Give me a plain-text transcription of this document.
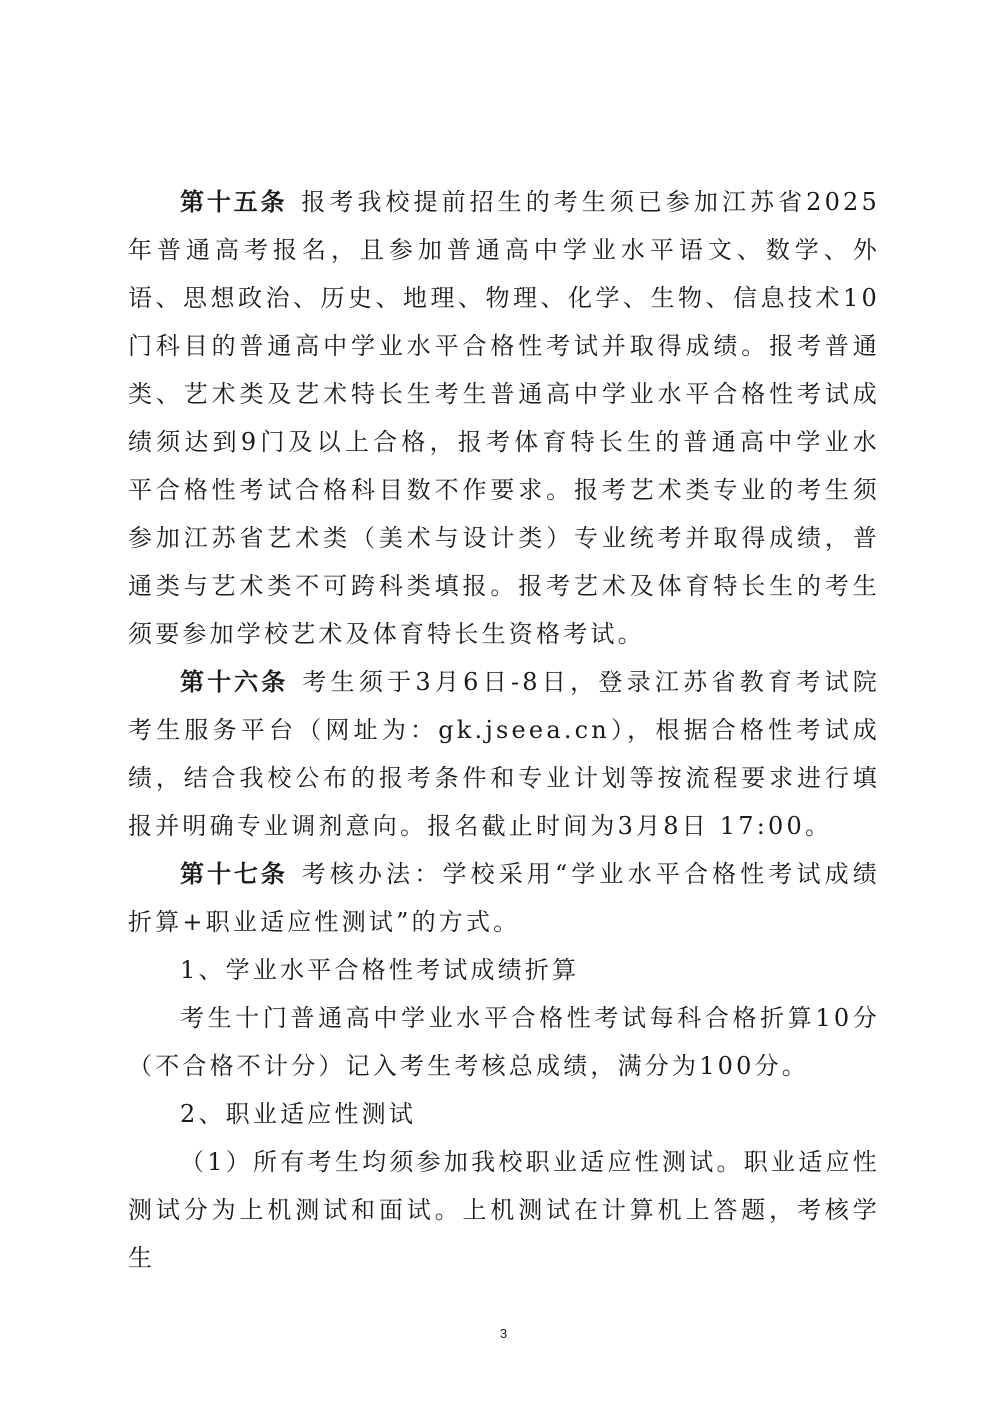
第十五条 报考我校提前招生的考生须已参加江苏省2025年普通高考报名，且参加普通高中学业水平语文、数学、外语、思想政治、历史、地理、物理、化学、生物、信息技术10门科目的普通高中学业水平合格性考试并取得成绩。报考普通类、艺术类及艺术特长生考生普通高中学业水平合格性考试成绩须达到9门及以上合格，报考体育特长生的普通高中学业水平合格性考试合格科目数不作要求。报考艺术类专业的考生须参加江苏省艺术类（美术与设计类）专业统考并取得成绩，普通类与艺术类不可跨科类填报。报考艺术及体育特长生的考生须要参加学校艺术及体育特长生资格考试。

第十六条 考生须于3月6日-8日，登录江苏省教育考试院考生服务平台（网址为：gk.jseea.cn），根据合格性考试成绩，结合我校公布的报考条件和专业计划等按流程要求进行填报并明确专业调剂意向。报名截止时间为3月8日 17:00。

第十七条 考核办法：学校采用“学业水平合格性考试成绩折算+职业适应性测试”的方式。

1、学业水平合格性考试成绩折算

考生十门普通高中学业水平合格性考试每科合格折算10分（不合格不计分）记入考生考核总成绩，满分为100分。

2、职业适应性测试

（1）所有考生均须参加我校职业适应性测试。职业适应性测试分为上机测试和面试。上机测试在计算机上答题，考核学生

3
